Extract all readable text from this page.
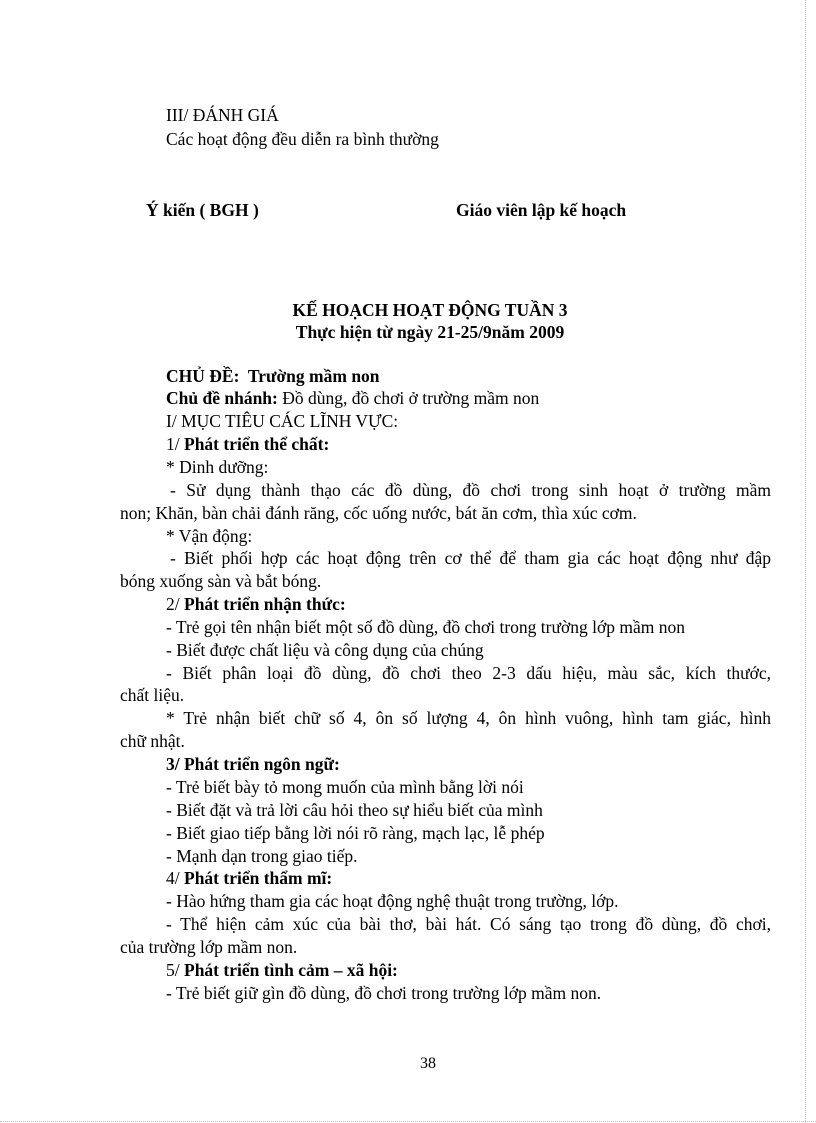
III/ ĐÁNH GIÁ
Các hoạt động đều diễn ra bình thường
Ý kiến ( BGH )	Giáo viên lập kế hoạch
KẾ HOẠCH HOẠT ĐỘNG TUẦN 3
Thực hiện từ ngày 21-25/9năm 2009
CHỦ ĐỀ: Trường mầm non
Chủ đề nhánh: Đồ dùng, đồ chơi ở trường mầm non
I/ MỤC TIÊU CÁC LĨNH VỰC:
1/ Phát triển thể chất:
* Dinh dưỡng:
- Sử dụng thành thạo các đồ dùng, đồ chơi trong sinh hoạt ở trường mầm
non; Khăn, bàn chải đánh răng, cốc uống nước, bát ăn cơm, thìa xúc cơm.
* Vận động:
- Biết phối hợp các hoạt động trên cơ thể để tham gia các hoạt động như đập
bóng xuống sàn và bắt bóng.
2/ Phát triển nhận thức:
- Trẻ gọi tên nhận biết một số đồ dùng, đồ chơi trong trường lớp mầm non
- Biết được chất liệu và công dụng của chúng
- Biết phân loại đồ dùng, đồ chơi theo 2-3 dấu hiệu, màu sắc, kích thước,
chất liệu.
* Trẻ nhận biết chữ số 4, ôn số lượng 4, ôn hình vuông, hình tam giác, hình
chữ nhật.
3/ Phát triển ngôn ngữ:
- Trẻ biết bày tỏ mong muốn của mình bằng lời nói
- Biết đặt và trả lời câu hỏi theo sự hiểu biết của mình
- Biết giao tiếp bằng lời nói rõ ràng, mạch lạc, lễ phép
- Mạnh dạn trong giao tiếp.
4/ Phát triển thẩm mĩ:
- Hào hứng tham gia các hoạt động nghệ thuật trong trường, lớp.
- Thể hiện cảm xúc của bài thơ, bài hát. Có sáng tạo trong đồ dùng, đồ chơi,
của trường lớp mầm non.
5/ Phát triển tình cảm – xã hội:
- Trẻ biết giữ gìn đồ dùng, đồ chơi trong trường lớp mầm non.
38
